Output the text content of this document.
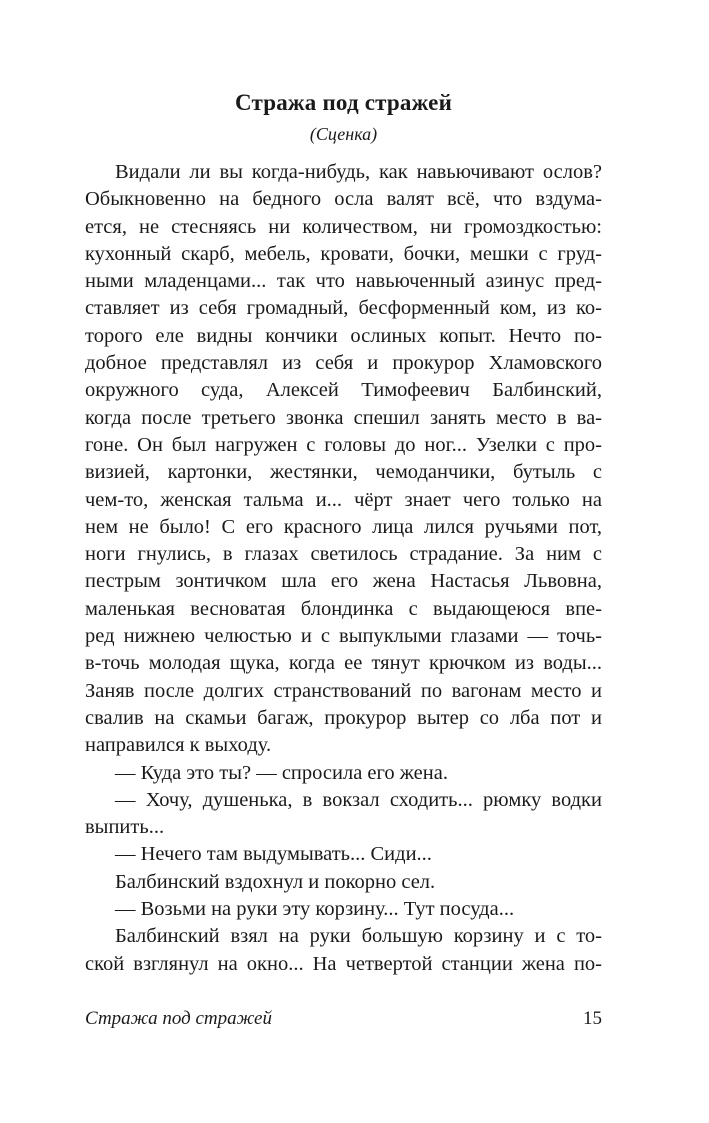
Стража под стражей
(Сценка)
Видали ли вы когда-нибудь, как навьючивают ослов?
Обыкновенно на бедного осла валят всё, что вздума-
ется, не стесняясь ни количеством, ни громоздкостью:
кухонный скарб, мебель, кровати, бочки, мешки с груд-
ными младенцами... так что навьюченный азинус пред-
ставляет из себя громадный, бесформенный ком, из ко-
торого еле видны кончики ослиных копыт. Нечто по-
добное представлял из себя и прокурор Хламовского
окружного суда, Алексей Тимофеевич Балбинский,
когда после третьего звонка спешил занять место в ва-
гоне. Он был нагружен с головы до ног... Узелки с про-
визией, картонки, жестянки, чемоданчики, бутыль с
чем-то, женская тальма и... чёрт знает чего только на
нем не было! С его красного лица лился ручьями пот,
ноги гнулись, в глазах светилось страдание. За ним с
пестрым зонтичком шла его жена Настасья Львовна,
маленькая весноватая блондинка с выдающеюся впе-
ред нижнею челюстью и с выпуклыми глазами — точь-
в-точь молодая щука, когда ее тянут крючком из воды...
Заняв после долгих странствований по вагонам место и
свалив на скамьи багаж, прокурор вытер со лба пот и
направился к выходу.
— Куда это ты? — спросила его жена.
— Хочу, душенька, в вокзал сходить... рюмку водки
выпить...
— Нечего там выдумывать... Сиди...
Балбинский вздохнул и покорно сел.
— Возьми на руки эту корзину... Тут посуда...
Балбинский взял на руки большую корзину и с то-
ской взглянул на окно... На четвертой станции жена по-
Стража под стражей	15
